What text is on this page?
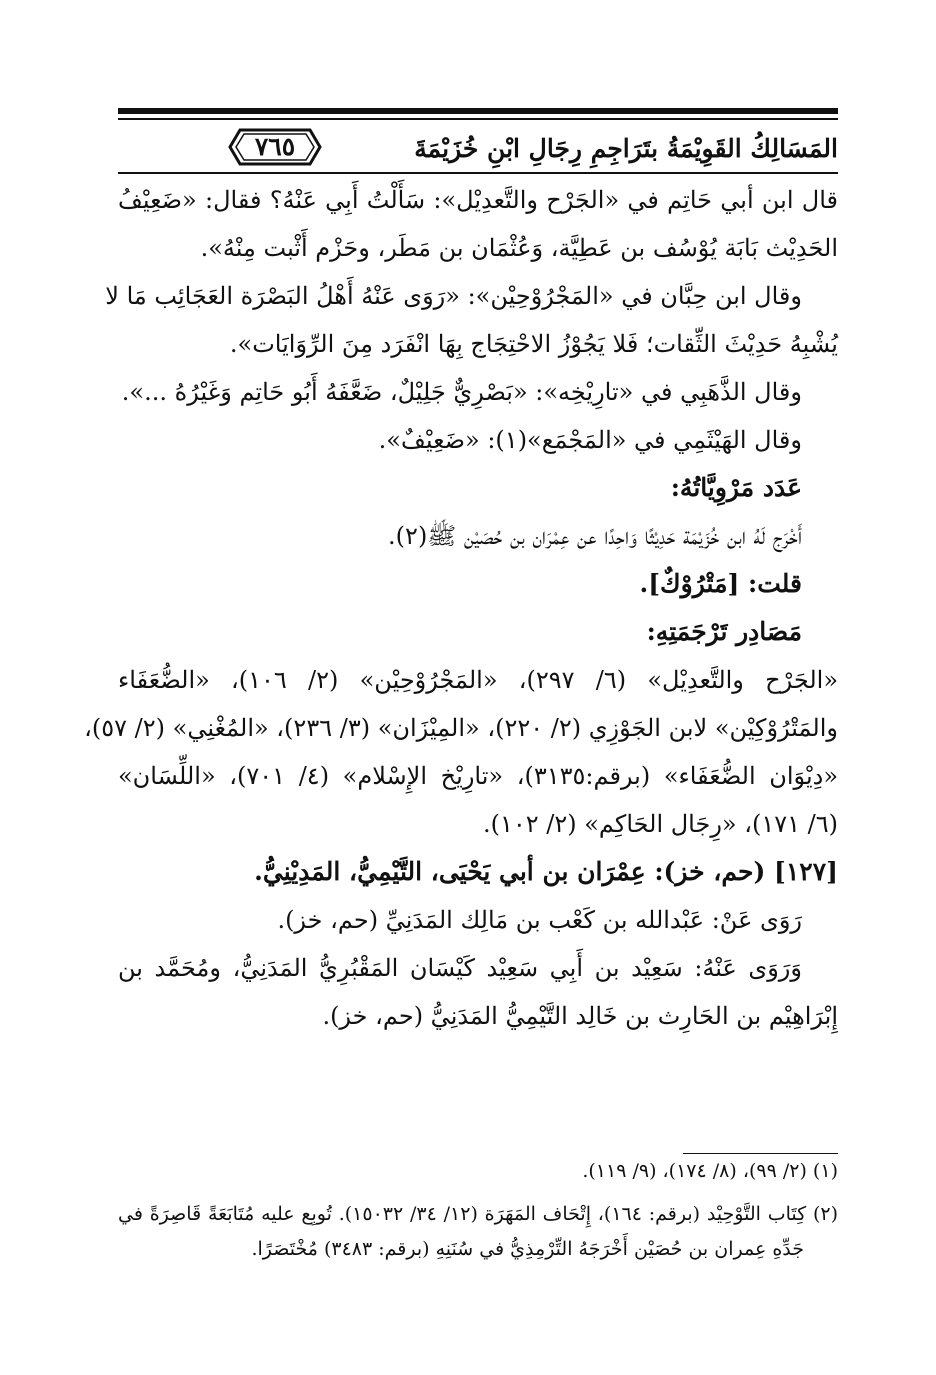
٧٦٥	المَسَالِكُ القَوِيْمَةُ بتَرَاجِمِ رِجَالِ ابْنِ خُزَيْمَةَ
قال ابن أبي حَاتِم في «الجَرْح والتَّعدِيْل»: سَأَلْتُ أَبِي عَنْهُ؟ فقال: «ضَعِيْفُ
الحَدِيْث بَابَة يُوْسُف بن عَطِيَّة، وَعُثْمَان بن مَطَر، وحَزْم أَثْبت مِنْهُ».
وقال ابن حِبَّان في «المَجْرُوْحِيْن»: «رَوَى عَنْهُ أَهْلُ البَصْرَة العَجَائِب مَا لا
يُشْبِهُ حَدِيْثَ الثِّقات؛ فَلا يَجُوْزُ الاحْتِجَاج بِهَا انْفَرَد مِنَ الرِّوَايَات».
وقال الذَّهَبِي في «تارِيْخِه»: «بَصْرِيٌّ جَلِيْلٌ، ضَعَّفَهُ أَبُو حَاتِم وَغَيْرُهُ ...».
وقال الهَيْثَمِي في «المَجْمَع»(١): «ضَعِيْفٌ».
عَدَد مَرْوِيَّاتُهُ:
أَخْرَج لَهُ ابن خُزَيْمَة حَدِيْثًا وَاحِدًا عن عِمْرَان بن حُصَيْن ﷺ(٢).
قلت: [مَتْرُوْكٌ].
مَصَادِر تَرْجَمَتِهِ:
«الجَرْح والتَّعدِيْل» (٦/ ٢٩٧)، «المَجْرُوْحِيْن» (٢/ ١٠٦)، «الضُّعَفَاء
والمَتْرُوْكِيْن» لابن الجَوْزِي (٢/ ٢٢٠)، «المِيْزَان» (٣/ ٢٣٦)، «المُغْنِي» (٢/ ٥٧)،
«دِيْوَان الضُّعَفَاء» (برقم:٣١٣٥)، «تارِيْخ الإِسْلام» (٤/ ٧٠١)، «اللِّسَان»
(٦/ ١٧١)، «رِجَال الحَاكِم» (٢/ ١٠٢).
[١٢٧] (حم، خز): عِمْرَان بن أبي يَحْيَى، التَّيْمِيُّ، المَدِيْنِيُّ.
رَوَى عَنْ: عَبْدالله بن كَعْب بن مَالِك المَدَنِيِّ (حم، خز).
وَرَوَى عَنْهُ: سَعِيْد بن أَبِي سَعِيْد كَيْسَان المَقْبُرِيُّ المَدَنِيُّ، ومُحَمَّد بن
إِبْرَاهِيْم بن الحَارِث بن خَالِد التَّيْمِيُّ المَدَنِيُّ (حم، خز).
(١) (٢/ ٩٩)، (٨/ ١٧٤)، (٩/ ١١٩).
(٢) كِتَاب التَّوْحِيْد (برقم: ١٦٤)، إِتْحَاف المَهَرَة (١٢/ ٣٤/ ١٥٠٣٢). تُوبِع عليه مُتَابَعَةً قَاصِرَةً في
جَدِّهِ عِمران بن حُصَيْن أَخْرَجَهُ التِّرْمِذِيُّ في سُنَنِهِ (برقم: ٣٤٨٣) مُخْتَصَرًا.
